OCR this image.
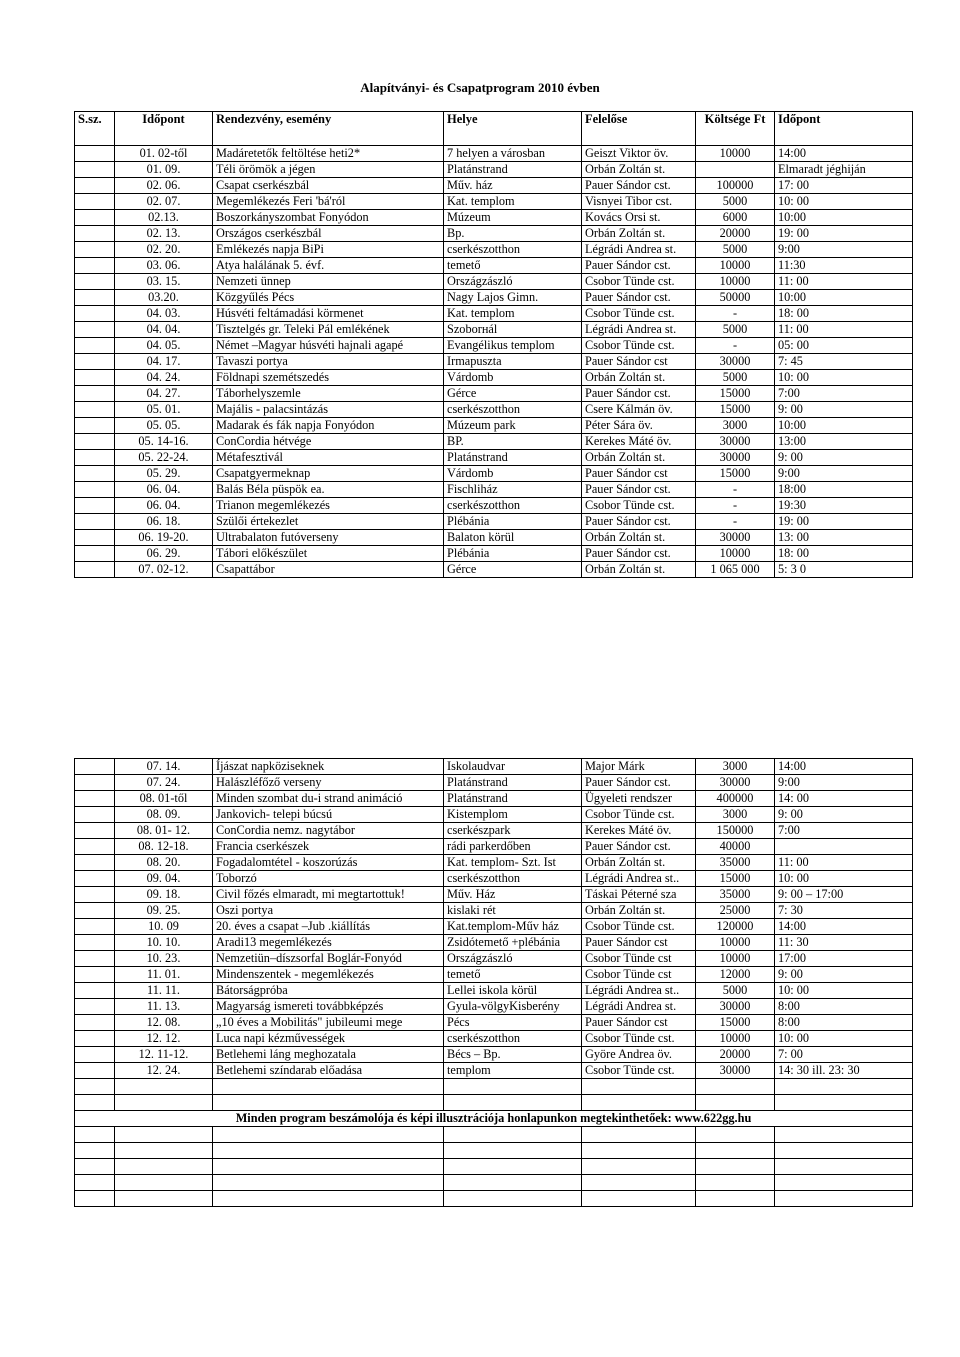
Alapítványi- és Csapatprogram 2010 évben
S.sz.	Időpont	Rendezvény, esemény	Helye	Felelőse	Költsége Ft	Időpont
	01. 02-től	Madáretetők feltöltése heti2*	7 helyen a városban	Geiszt Viktor öv.	10000	14:00
	01. 09.	Téli örömök a jégen	Platánstrand	Orbán Zoltán st.		Elmaradt jéghiján
	02. 06.	Csapat cserkészbál	Műv. ház	Pauer Sándor cst.	100000	17: 00
	02. 07.	Megemlékezés Feri 'bá'ról	Kat. templom	Visnyei Tibor cst.	5000	10: 00
	02.13.	Boszorkányszombat Fonyódon	Múzeum	Kovács Orsi st.	6000	10:00
	02. 13.	Országos cserkészbál	Bp.	Orbán Zoltán st.	20000	19: 00
	02. 20.	Emlékezés napja BiPi	cserkészotthon	Légrádi Andrea st.	5000	9:00
	03. 06.	Atya halálának 5. évf.	temető	Pauer Sándor cst.	10000	11:30
	03. 15.	Nemzeti ünnep	Országzászló	Csobor Tünde cst.	10000	11: 00
	03.20.	Közgyűlés Pécs	Nagy Lajos Gimn.	Pauer Sándor cst.	50000	10:00
	04. 03.	Húsvéti feltámadási körmenet	Kat. templom	Csobor Tünde cst.	-	18: 00
	04. 04.	Tisztelgés gr. Teleki Pál emlékének	Szoborнál	Légrádi Andrea st.	5000	11: 00
	04. 05.	Német –Magyar húsvéti hajnali agapé	Evangélikus templom	Csobor Tünde cst.	-	05: 00
	04. 17.	Tavaszi portya	Irmapuszta	Pauer Sándor cst	30000	7: 45
	04. 24.	Földnapi szemétszedés	Várdomb	Orbán Zoltán st.	5000	10: 00
	04. 27.	Táborhelyszemle	Gérce	Pauer Sándor cst.	15000	7:00
	05. 01.	Majális - palacsintázás	cserkészotthon	Csere Kálmán öv.	15000	9: 00
	05. 05.	Madarak és fák napja Fonyódon	Múzeum park	Péter Sára öv.	3000	10:00
	05. 14-16.	ConCordia hétvége	BP.	Kerekes Máté öv.	30000	13:00
	05. 22-24.	Métafesztivál	Platánstrand	Orbán Zoltán st.	30000	9: 00
	05. 29.	Csapatgyermeknap	Várdomb	Pauer Sándor cst	15000	9:00
	06. 04.	Balás Béla püspök ea.	Fischliház	Pauer Sándor cst.	-	18:00
	06. 04.	Trianon megemlékezés	cserkészotthon	Csobor Tünde cst.	-	19:30
	06. 18.	Szülői értekezlet	Plébánia	Pauer Sándor cst.	-	19: 00
	06. 19-20.	Ultrabalaton futóverseny	Balaton körül	Orbán Zoltán st.	30000	13: 00
	06. 29.	Tábori előkészület	Plébánia	Pauer Sándor cst.	10000	18: 00
	07. 02-12.	Csapattábor	Gérce	Orbán Zoltán st.	1 065 000	5: 3 0
	07. 14.	Íjászat napköziseknek	Iskolaudvar	Major Márk	3000	14:00
	07. 24.	Halászléfőző verseny	Platánstrand	Pauer Sándor cst.	30000	9:00
	08. 01-től	Minden szombat du-i strand animáció	Platánstrand	Ügyeleti rendszer	400000	14: 00
	08. 09.	Jankovich- telepi búcsú	Kistemplom	Csobor Tünde cst.	3000	9: 00
	08. 01- 12.	ConCordia nemz. nagytábor	cserkészpark	Kerekes Máté öv.	150000	7:00
	08. 12-18.	Francia cserkészek	rádi parkerdőben	Pauer Sándor cst.	40000	
	08. 20.	Fogadalomtétel - koszorúzás	Kat. templom- Szt. Ist	Orbán Zoltán st.	35000	11: 00
	09. 04.	Toborzó	cserkészotthon	Légrádi Andrea st..	15000	10: 00
	09. 18.	Civil főzés elmaradt, mi megtartottuk!	Műv. Ház	Táskai Péterné sza	35000	9: 00 – 17:00
	09. 25.	Oszi portya	kislaki rét	Orbán Zoltán st.	25000	7: 30
	10. 09	20. éves a csapat –Jub .kiállítás	Kat.templom-Műv ház	Csobor Tünde cst.	120000	14:00
	10. 10.	Aradi13 megemlékezés	Zsidótemető +plébánia	Pauer Sándor cst	10000	11: 30
	10. 23.	Nemzetiün–díszsorfal Boglár-Fonyód	Országzászló	Csobor Tünde cst	10000	17:00
	11. 01.	Mindenszentek - megemlékezés	temető	Csobor Tünde cst	12000	9: 00
	11. 11.	Bátorságpróba	Lellei iskola körül	Légrádi Andrea st..	5000	10: 00
	11. 13.	Magyarság ismereti továbbképzés	Gyula-völgyKisberény	Légrádi Andrea st.	30000	8:00
	12. 08.	„10 éves a Mobilitás" jubileumi mege	Pécs	Pauer Sándor cst	15000	8:00
	12. 12.	Luca napi kézművességek	cserkészotthon	Csobor Tünde cst.	10000	10: 00
	12. 11-12.	Betlehemi láng meghozatala	Bécs – Bp.	Györe Andrea öv.	20000	7: 00
	12. 24.	Betlehemi színdarab előadása	templom	Csobor Tünde cst.	30000	14: 30 ill. 23: 30

Minden program beszámolója és képi illusztrációja honlapunkon megtekinthetőek: www.622gg.hu						
